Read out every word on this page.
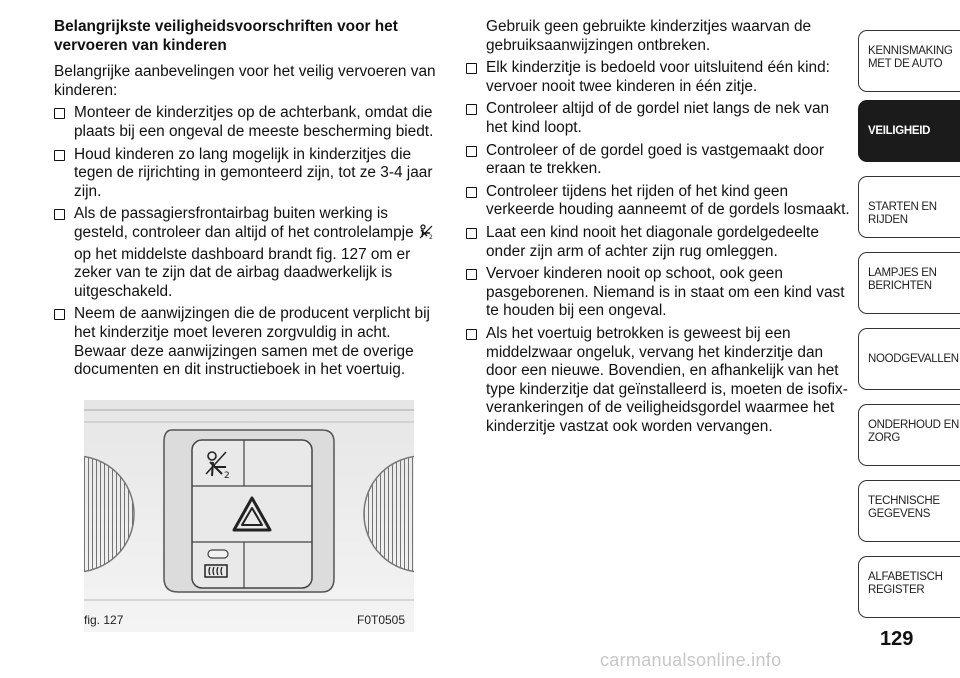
Belangrijkste veiligheidsvoorschriften voor het vervoeren van kinderen

Belangrijke aanbevelingen voor het veilig vervoeren van kinderen:

Monteer de kinderzitjes op de achterbank, omdat die plaats bij een ongeval de meeste bescherming biedt.
Houd kinderen zo lang mogelijk in kinderzitjes die tegen de rijrichting in gemonteerd zijn, tot ze 3-4 jaar zijn.
Als de passagiersfrontairbag buiten werking is gesteld, controleer dan altijd of het controlelampje 2
op het middelste dashboard brandt fig. 127 om er zeker van te zijn dat de airbag daadwerkelijk is uitgeschakeld.
Neem de aanwijzingen die de producent verplicht bij het kinderzitje moet leveren zorgvuldig in acht. Bewaar deze aanwijzingen samen met de overige documenten en dit instructieboek in het voertuig.
2
fig. 127	F0T0505

Gebruik geen gebruikte kinderzitjes waarvan de gebruiksaanwijzingen ontbreken.

Elk kinderzitje is bedoeld voor uitsluitend één kind: vervoer nooit twee kinderen in één zitje.
Controleer altijd of de gordel niet langs de nek van het kind loopt.
Controleer of de gordel goed is vastgemaakt door eraan te trekken.
Controleer tijdens het rijden of het kind geen verkeerde houding aanneemt of de gordels losmaakt.
Laat een kind nooit het diagonale gordelgedeelte onder zijn arm of achter zijn rug omleggen.
Vervoer kinderen nooit op schoot, ook geen pasgeborenen. Niemand is in staat om een kind vast te houden bij een ongeval.
Als het voertuig betrokken is geweest bij een middelzwaar ongeluk, vervang het kinderzitje dan door een nieuwe. Bovendien, en afhankelijk van het type kinderzitje dat geïnstalleerd is, moeten de isofix-verankeringen of de veiligheidsgordel waarmee het kinderzitje vastzat ook worden vervangen.
KENNISMAKING
MET DE AUTO
VEILIGHEID
STARTEN EN RIJDEN
LAMPJES EN
BERICHTEN
NOODGEVALLEN
ONDERHOUD EN
ZORG
TECHNISCHE
GEGEVENS
ALFABETISCH
REGISTER
129
carmanualsonline.info
